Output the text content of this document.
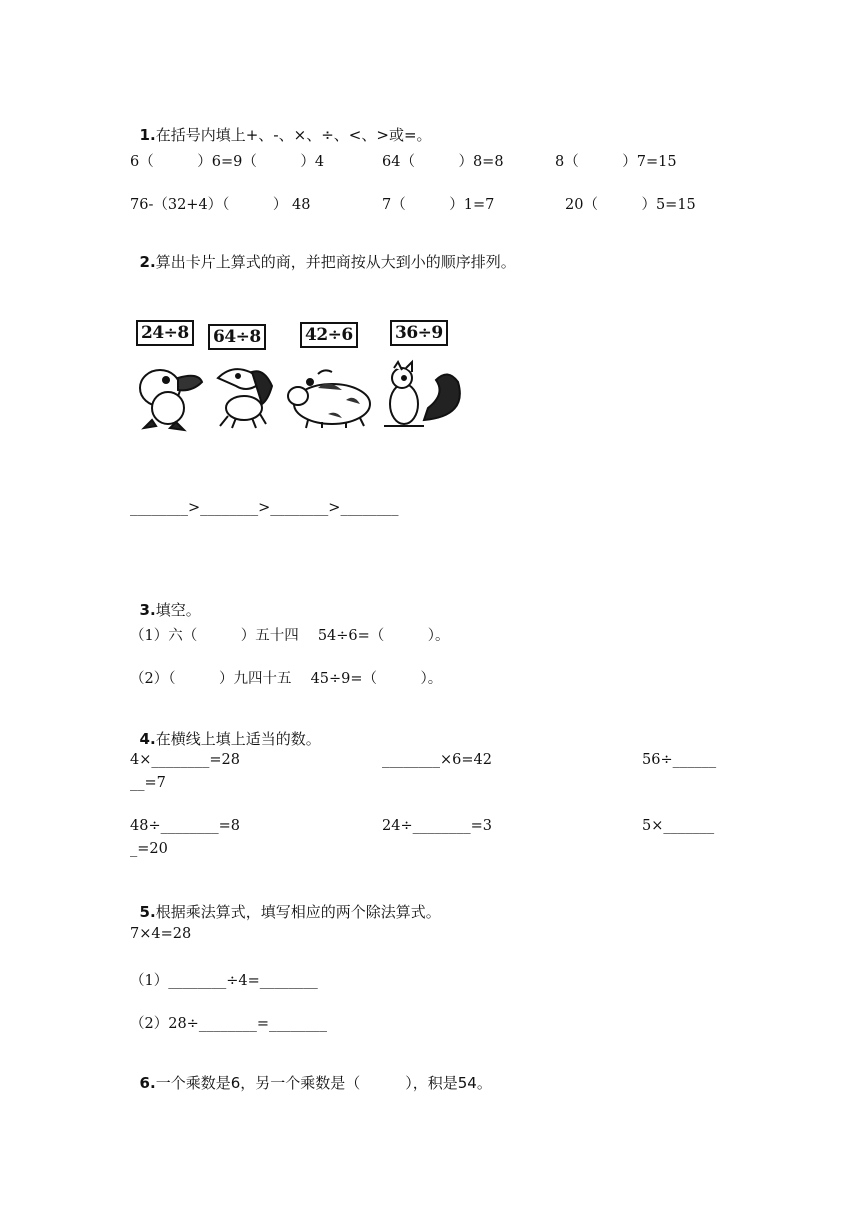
1.在括号内填上+、-、×、÷、<、>或=。

6（　　　）6=9（　　　）4	64（　　　）8=8	8（　　　）7=15
76-（32+4）（　　　） 48	7（　　　）1=7	20（　　　）5=15

2.算出卡片上算式的商，并把商按从大到小的顺序排列。

24÷8 64÷8	42÷6 36÷9
________>________>________>________

3.填空。

（1）六（　　　）五十四　 54÷6=（　　　）。
（2）（　　　）九四十五　 45÷9=（　　　）。

4.在横线上填上适当的数。

4×________=28	________×6=42	56÷______
__=7
48÷________=8	24÷________=3	5×_______
_=20

5.根据乘法算式，填写相应的两个除法算式。

7×4=28
（1）________÷4=________
（2）28÷________=________

6.一个乘数是6，另一个乘数是（　　　），积是54。
